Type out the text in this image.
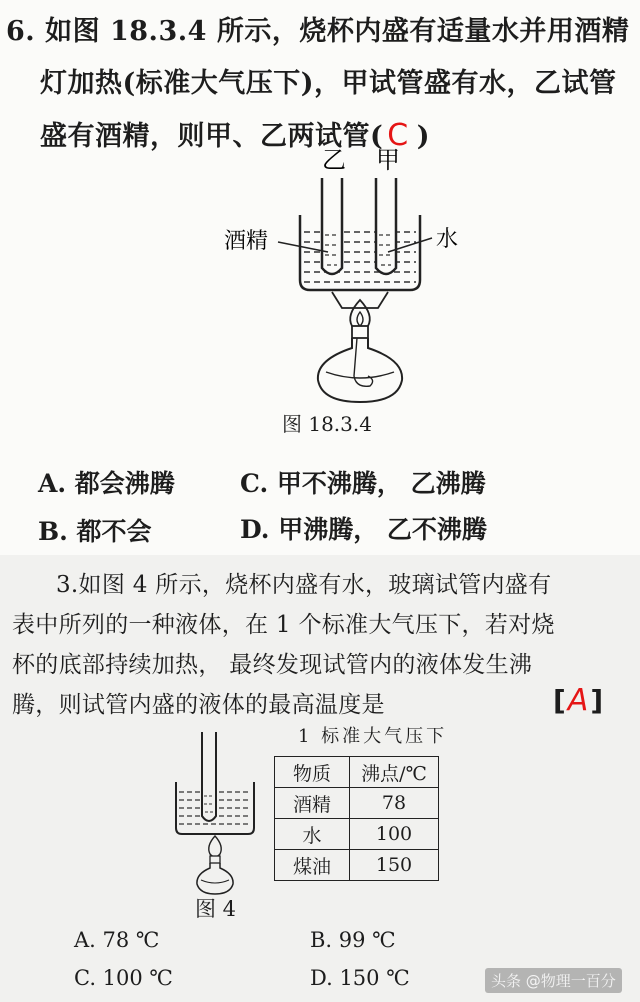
6. 如图 18.3.4 所示，烧杯内盛有适量水并用酒精
灯加热(标准大气压下)，甲试管盛有水，乙试管
盛有酒精，则甲、乙两试管( C )
乙 甲
酒精	水
图 18.3.4
A. 都会沸腾	C. 甲不沸腾， 乙沸腾
B. 都不会	D. 甲沸腾， 乙不沸腾
3.如图 4 所示，烧杯内盛有水，玻璃试管内盛有
表中所列的一种液体，在 1 个标准大气压下，若对烧
杯的底部持续加热， 最终发现试管内的液体发生沸
腾，则试管内盛的液体的最高温度是	[A]
图 4
1 标准大气压下
物质	沸点/℃
酒精	78
水	100
煤油	150
A. 78 ℃	B. 99 ℃
C. 100 ℃	D. 150 ℃	头条 @物理一百分
